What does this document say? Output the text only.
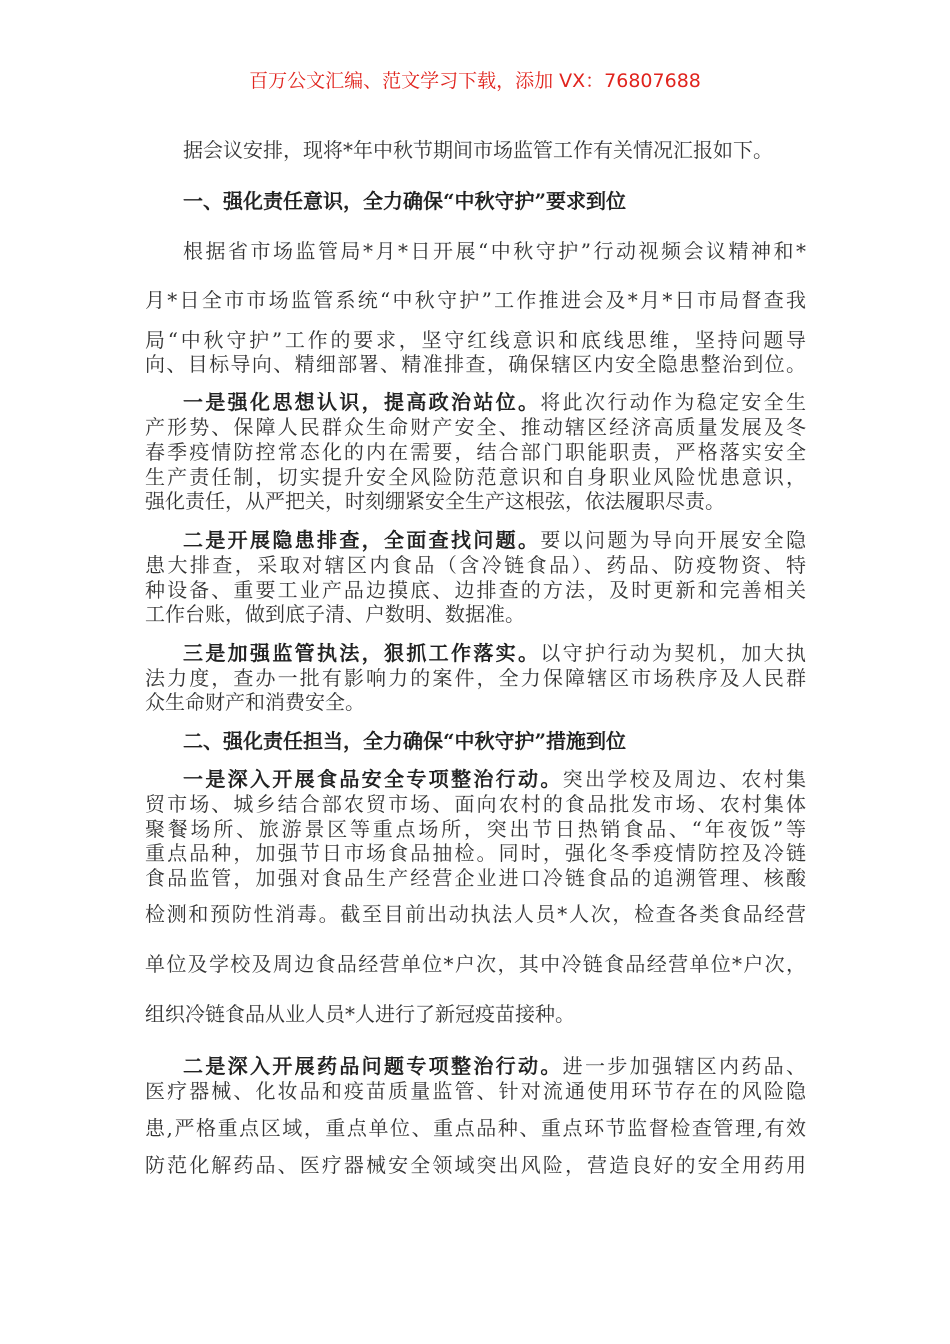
百万公文汇编、范文学习下载，添加 VX：76807688
据会议安排，现将*年中秋节期间市场监管工作有关情况汇报如下。
一、强化责任意识，全力确保“中秋守护”要求到位
根据省市场监管局*月*日开展“中秋守护”行动视频会议精神和*
月*日全市市场监管系统“中秋守护”工作推进会及*月*日市局督查我
局“中秋守护”工作的要求，坚守红线意识和底线思维，坚持问题导
向、目标导向、精细部署、精准排查，确保辖区内安全隐患整治到位。
一是强化思想认识，提高政治站位。将此次行动作为稳定安全生
产形势、保障人民群众生命财产安全、推动辖区经济高质量发展及冬
春季疫情防控常态化的内在需要，结合部门职能职责，严格落实安全
生产责任制，切实提升安全风险防范意识和自身职业风险忧患意识，
强化责任，从严把关，时刻绷紧安全生产这根弦，依法履职尽责。
二是开展隐患排查，全面查找问题。要以问题为导向开展安全隐
患大排查，采取对辖区内食品（含冷链食品）、药品、防疫物资、特
种设备、重要工业产品边摸底、边排查的方法，及时更新和完善相关
工作台账，做到底子清、户数明、数据准。
三是加强监管执法，狠抓工作落实。以守护行动为契机，加大执
法力度，查办一批有影响力的案件，全力保障辖区市场秩序及人民群
众生命财产和消费安全。
二、强化责任担当，全力确保“中秋守护”措施到位
一是深入开展食品安全专项整治行动。突出学校及周边、农村集
贸市场、城乡结合部农贸市场、面向农村的食品批发市场、农村集体
聚餐场所、旅游景区等重点场所，突出节日热销食品、“年夜饭”等
重点品种，加强节日市场食品抽检。同时，强化冬季疫情防控及冷链
食品监管，加强对食品生产经营企业进口冷链食品的追溯管理、核酸
检测和预防性消毒。截至目前出动执法人员*人次，检查各类食品经营
单位及学校及周边食品经营单位*户次，其中冷链食品经营单位*户次，
组织冷链食品从业人员*人进行了新冠疫苗接种。
二是深入开展药品问题专项整治行动。进一步加强辖区内药品、
医疗器械、化妆品和疫苗质量监管、针对流通使用环节存在的风险隐
患,严格重点区域，重点单位、重点品种、重点环节监督检查管理,有效
防范化解药品、医疗器械安全领域突出风险，营造良好的安全用药用
